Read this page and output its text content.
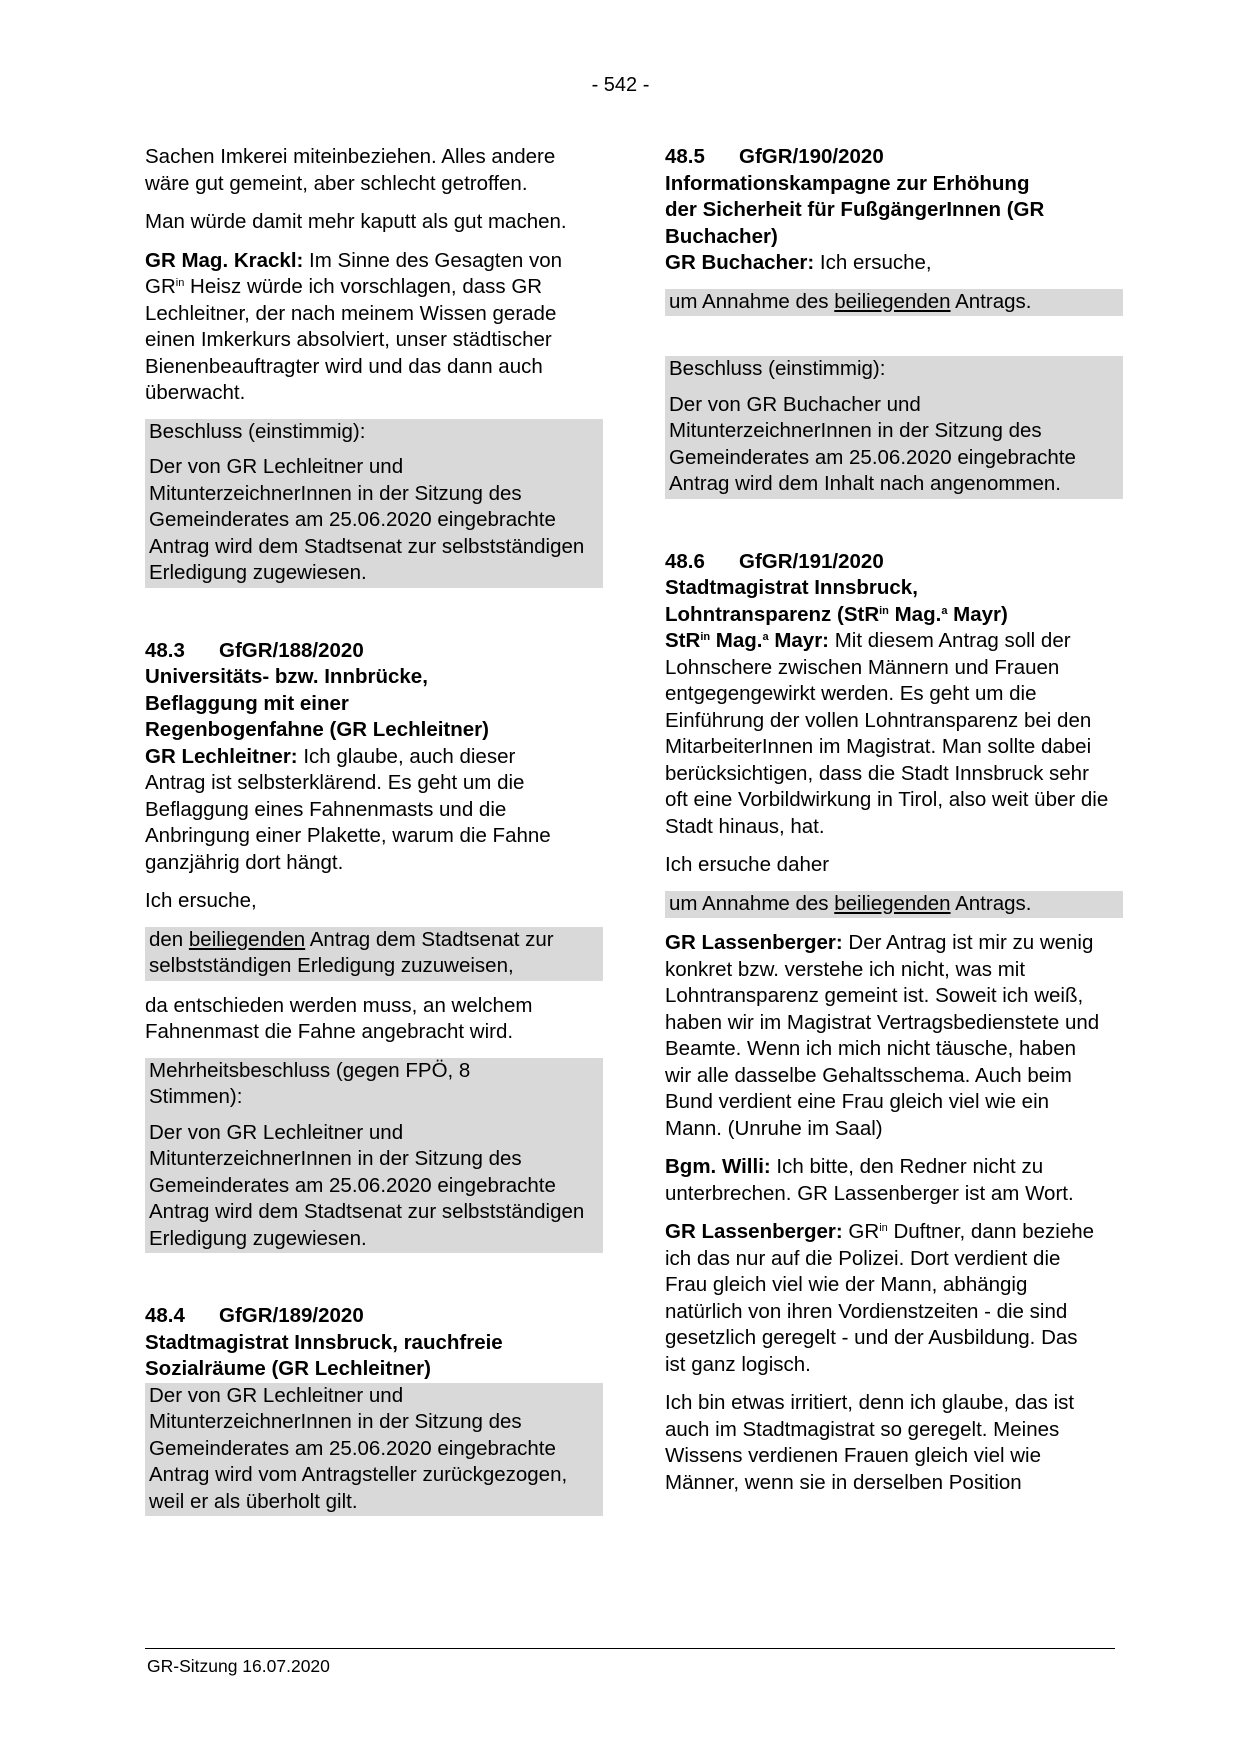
- 542 -

Sachen Imkerei miteinbeziehen. Alles andere wäre gut gemeint, aber schlecht getroffen.

Man würde damit mehr kaputt als gut machen.

GR Mag. Krackl: Im Sinne des Gesagten von $GR^{in}$ Heisz würde ich vorschlagen, dass GR Lechleitner, der nach meinem Wissen gerade einen Imkerkurs absolviert, unser städtischer Bienenbeauftragter wird und das dann auch überwacht.

Beschluss (einstimmig):
Der von GR Lechleitner und MitunterzeichnerInnen in der Sitzung des Gemeinderates am 25.06.2020 eingebrachte Antrag wird dem Stadtsenat zur selbstständigen Erledigung zugewiesen.
48.3	GfGR/188/2020
Universitäts- bzw. Innbrücke, Beflaggung mit einer Regenbogenfahne (GR Lechleitner)

GR Lechleitner: Ich glaube, auch dieser Antrag ist selbsterklärend. Es geht um die Beflaggung eines Fahnenmasts und die Anbringung einer Plakette, warum die Fahne ganzjährig dort hängt.

Ich ersuche,

den beiliegenden Antrag dem Stadtsenat zur selbstständigen Erledigung zuzuweisen,

da entschieden werden muss, an welchem Fahnenmast die Fahne angebracht wird.

Mehrheitsbeschluss (gegen FPÖ, 8 Stimmen):
Der von GR Lechleitner und MitunterzeichnerInnen in der Sitzung des Gemeinderates am 25.06.2020 eingebrachte Antrag wird dem Stadtsenat zur selbstständigen Erledigung zugewiesen.
48.4	GfGR/189/2020
Stadtmagistrat Innsbruck, rauchfreie Sozialräume (GR Lechleitner)
Der von GR Lechleitner und MitunterzeichnerInnen in der Sitzung des Gemeinderates am 25.06.2020 eingebrachte Antrag wird vom Antragsteller zurückgezogen, weil er als überholt gilt.
48.5	GfGR/190/2020
Informationskampagne zur Erhöhung der Sicherheit für FußgängerInnen (GR Buchacher)

GR Buchacher: Ich ersuche,

um Annahme des beiliegenden Antrags.
Beschluss (einstimmig):
Der von GR Buchacher und MitunterzeichnerInnen in der Sitzung des Gemeinderates am 25.06.2020 eingebrachte Antrag wird dem Inhalt nach angenommen.
48.6	GfGR/191/2020
Stadtmagistrat Innsbruck, Lohntransparenz (StR$^{in}$ Mag.$^a$ Mayr)

StR$^{in}$ Mag.$^a$ Mayr: Mit diesem Antrag soll der Lohnschere zwischen Männern und Frauen entgegengewirkt werden. Es geht um die Einführung der vollen Lohntransparenz bei den MitarbeiterInnen im Magistrat. Man sollte dabei berücksichtigen, dass die Stadt Innsbruck sehr oft eine Vorbildwirkung in Tirol, also weit über die Stadt hinaus, hat.

Ich ersuche daher

um Annahme des beiliegenden Antrags.

GR Lassenberger: Der Antrag ist mir zu wenig konkret bzw. verstehe ich nicht, was mit Lohntransparenz gemeint ist. Soweit ich weiß, haben wir im Magistrat Vertragsbedienstete und Beamte. Wenn ich mich nicht täusche, haben wir alle dasselbe Gehaltsschema. Auch beim Bund verdient eine Frau gleich viel wie ein Mann. (Unruhe im Saal)

Bgm. Willi: Ich bitte, den Redner nicht zu unterbrechen. GR Lassenberger ist am Wort.

GR Lassenberger: $GR^{in}$ Duftner, dann beziehe ich das nur auf die Polizei. Dort verdient die Frau gleich viel wie der Mann, abhängig natürlich von ihren Vordienstzeiten - die sind gesetzlich geregelt - und der Ausbildung. Das ist ganz logisch.

Ich bin etwas irritiert, denn ich glaube, das ist auch im Stadtmagistrat so geregelt. Meines Wissens verdienen Frauen gleich viel wie Männer, wenn sie in derselben Position

GR-Sitzung 16.07.2020
